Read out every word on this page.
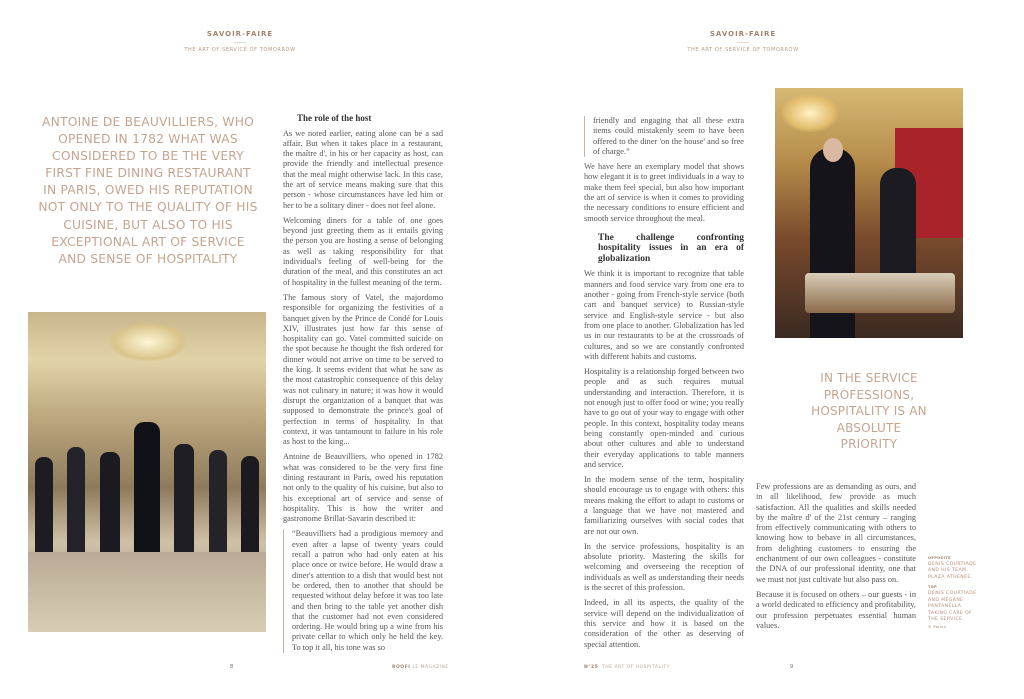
SAVOIR-FAIRE
THE ART OF SERVICE OF TOMORROW
ANTOINE DE BEAUVILLIERS, WHO OPENED IN 1782 WHAT WAS CONSIDERED TO BE THE VERY FIRST FINE DINING RESTAURANT IN PARIS, OWED HIS REPUTATION NOT ONLY TO THE QUALITY OF HIS CUISINE, BUT ALSO TO HIS EXCEPTIONAL ART OF SERVICE AND SENSE OF HOSPITALITY
The role of the host

As we noted earlier, eating alone can be a sad affair. But when it takes place in a restaurant, the maître d', in his or her capacity as host, can provide the friendly and intellectual presence that the meal might otherwise lack. In this case, the art of service means making sure that this person - whose circumstances have led him or her to be a solitary diner - does not feel alone.

Welcoming diners for a table of one goes beyond just greeting them as it entails giving the person you are hosting a sense of belonging as well as taking responsibility for that individual's feeling of well-being for the duration of the meal, and this constitutes an act of hospitality in the fullest meaning of the term.

The famous story of Vatel, the majordomo responsible for organizing the festivities of a banquet given by the Prince de Condé for Louis XIV, illustrates just how far this sense of hospitality can go. Vatel committed suicide on the spot because he thought the fish ordered for dinner would not arrive on time to be served to the king. It seems evident that what he saw as the most catastrophic consequence of this delay was not culinary in nature; it was how it would disrupt the organization of a banquet that was supposed to demonstrate the prince's goal of perfection in terms of hospitality. In that context, it was tantamount to failure in his role as host to the king...

Antoine de Beauvilliers, who opened in 1782 what was considered to be the very first fine dining restaurant in Paris, owed his reputation not only to the quality of his cuisine, but also to his exceptional art of service and sense of hospitality. This is how the writer and gastronome Brillat-Savarin described it:

“Beauvilliers had a prodigious memory and even after a lapse of twenty years could recall a patron who had only eaten at his place once or twice before. He would draw a diner's attention to a dish that would best not be ordered, then to another that should be requested without delay before it was too late and then bring to the table yet another dish that the customer had not even considered ordering. He would bring up a wine from his private cellar to which only he held the key. To top it all, his tone was so
8	ROOFI LE MAGAZINE
SAVOIR-FAIRE
THE ART OF SERVICE OF TOMORROW
friendly and engaging that all these extra items could mistakenly seem to have been offered to the diner 'on the house' and so free of charge.”

We have here an exemplary model that shows how elegant it is to greet individuals in a way to make them feel special, but also how important the art of service is when it comes to providing the necessary conditions to ensure efficient and smooth service throughout the meal.

The challenge confronting hospitality issues in an era of globalization

We think it is important to recognize that table manners and food service vary from one era to another - going from French-style service (both cart and banquet service) to Russian-style service and English-style service - but also from one place to another. Globalization has led us in our restaurants to be at the crossroads of cultures, and so we are constantly confronted with different habits and customs.

Hospitality is a relationship forged between two people and as such requires mutual understanding and interaction. Therefore, it is not enough just to offer food or wine; you really have to go out of your way to engage with other people. In this context, hospitality today means being constantly open-minded and curious about other cultures and able to understand their everyday applications to table manners and service.

In the modern sense of the term, hospitality should encourage us to engage with others: this means making the effort to adapt to customs or a language that we have not mastered and familiarizing ourselves with social codes that are not our own.

In the service professions, hospitality is an absolute priority. Mastering the skills for welcoming and overseeing the reception of individuals as well as understanding their needs is the secret of this profession.

Indeed, in all its aspects, the quality of the service will depend on the individualization of this service and how it is based on the consideration of the other as deserving of special attention.

IN THE SERVICE PROFESSIONS, HOSPITALITY IS AN ABSOLUTE PRIORITY

Few professions are as demanding as ours, and in all likelihood, few provide as much satisfaction. All the qualities and skills needed by the maître d' of the 21st century – ranging from effectively communicating with others to knowing how to behave in all circumstances, from delighting customers to ensuring the enchantment of our own colleagues - constitute the DNA of our professional identity, one that we must not just cultivate but also pass on.

Because it is focused on others – our guests - in a world dedicated to efficiency and profitability, our profession perpetuates essential human values.

OPPOSITE
DENIS COURTIADE AND HIS TEAM, PLAZA ATHÉNÉE.
TOP
DENIS COURTIADE AND MÉGANE PANTANELLA TAKING CARE OF THE SERVICE.
© Pollux
N°25 THE ART OF HOSPITALITY	9
